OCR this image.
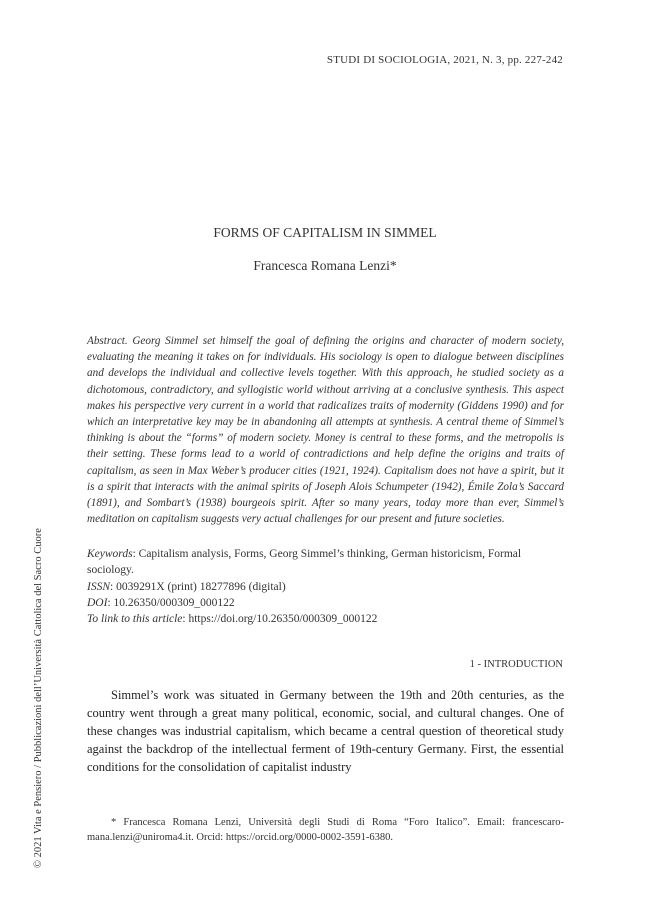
STUDI DI SOCIOLOGIA, 2021, N. 3, pp. 227-242
© 2021 Vita e Pensiero / Pubblicazioni dell’Università Cattolica del Sacro Cuore
FORMS OF CAPITALISM IN SIMMEL
Francesca Romana Lenzi*

Abstract. Georg Simmel set himself the goal of defining the origins and character of modern society, evaluating the meaning it takes on for individuals. His sociology is open to dialogue between disciplines and develops the individual and collective levels together. With this approach, he studied society as a dichotomous, contradictory, and syllogistic world without arriving at a conclusive synthesis. This aspect makes his perspective very current in a world that radicalizes traits of modernity (Giddens 1990) and for which an interpretative key may be in abandoning all attempts at synthesis. A central theme of Simmel’s thinking is about the “forms” of modern society. Money is central to these forms, and the metropolis is their setting. These forms lead to a world of contradictions and help define the origins and traits of capitalism, as seen in Max Weber’s producer cities (1921, 1924). Capitalism does not have a spirit, but it is a spirit that interacts with the animal spirits of Joseph Alois Schumpeter (1942), Émile Zola’s Saccard (1891), and Sombart’s (1938) bourgeois spirit. After so many years, today more than ever, Simmel’s meditation on capitalism suggests very actual challenges for our present and future societies.

Keywords: Capitalism analysis, Forms, Georg Simmel’s thinking, German historicism, Formal sociology.

ISSN: 0039291X (print) 18277896 (digital)

DOI: 10.26350/000309_000122

To link to this article: https://doi.org/10.26350/000309_000122

1 - INTRODUCTION

Simmel’s work was situated in Germany between the 19th and 20th centuries, as the country went through a great many political, economic, social, and cultural changes. One of these changes was industrial capitalism, which became a central question of theoretical study against the backdrop of the intellectual ferment of 19th-century Germany. First, the essential conditions for the consolidation of capitalist industry

* Francesca Romana Lenzi, Università degli Studi di Roma “Foro Italico”. Email: francescaro-mana.lenzi@uniroma4.it. Orcid: https://orcid.org/0000-0002-3591-6380.
